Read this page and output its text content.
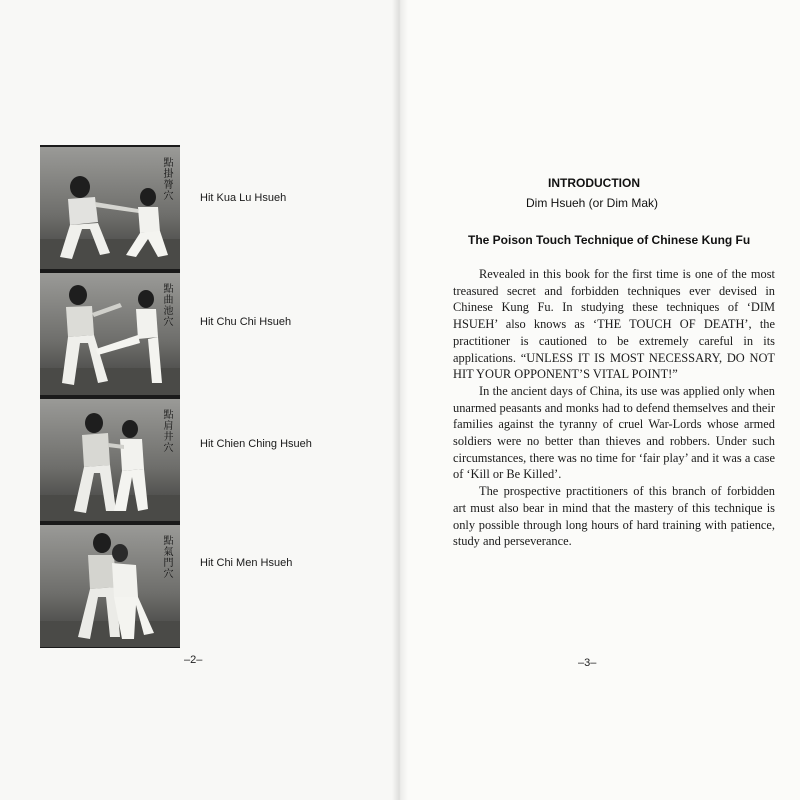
點掛膂穴
點曲池穴
點肩井穴
點氣門穴
Hit Kua Lu Hsueh
Hit Chu Chi Hsueh
Hit Chien Ching Hsueh
Hit Chi Men Hsueh
–2–
INTRODUCTION
Dim Hsueh (or Dim Mak)
The Poison Touch Technique of Chinese Kung Fu

Revealed in this book for the first time is one of the most treasured secret and forbidden techniques ever devised in Chinese Kung Fu. In studying these techniques of ‘DIM HSUEH’ also knows as ‘THE TOUCH OF DEATH’, the practitioner is cautioned to be extremely careful in its applications. “UNLESS IT IS MOST NECESSARY, DO NOT HIT YOUR OPPONENT’S VITAL POINT!”

In the ancient days of China, its use was applied only when unarmed peasants and monks had to defend themselves and their families against the tyranny of cruel War-Lords whose armed soldiers were no better than thieves and robbers. Under such circumstances, there was no time for ‘fair play’ and it was a case of ‘Kill or Be Killed’.

The prospective practitioners of this branch of forbidden art must also bear in mind that the mastery of this technique is only possible through long hours of hard training with patience, study and perseverance.

–3–
